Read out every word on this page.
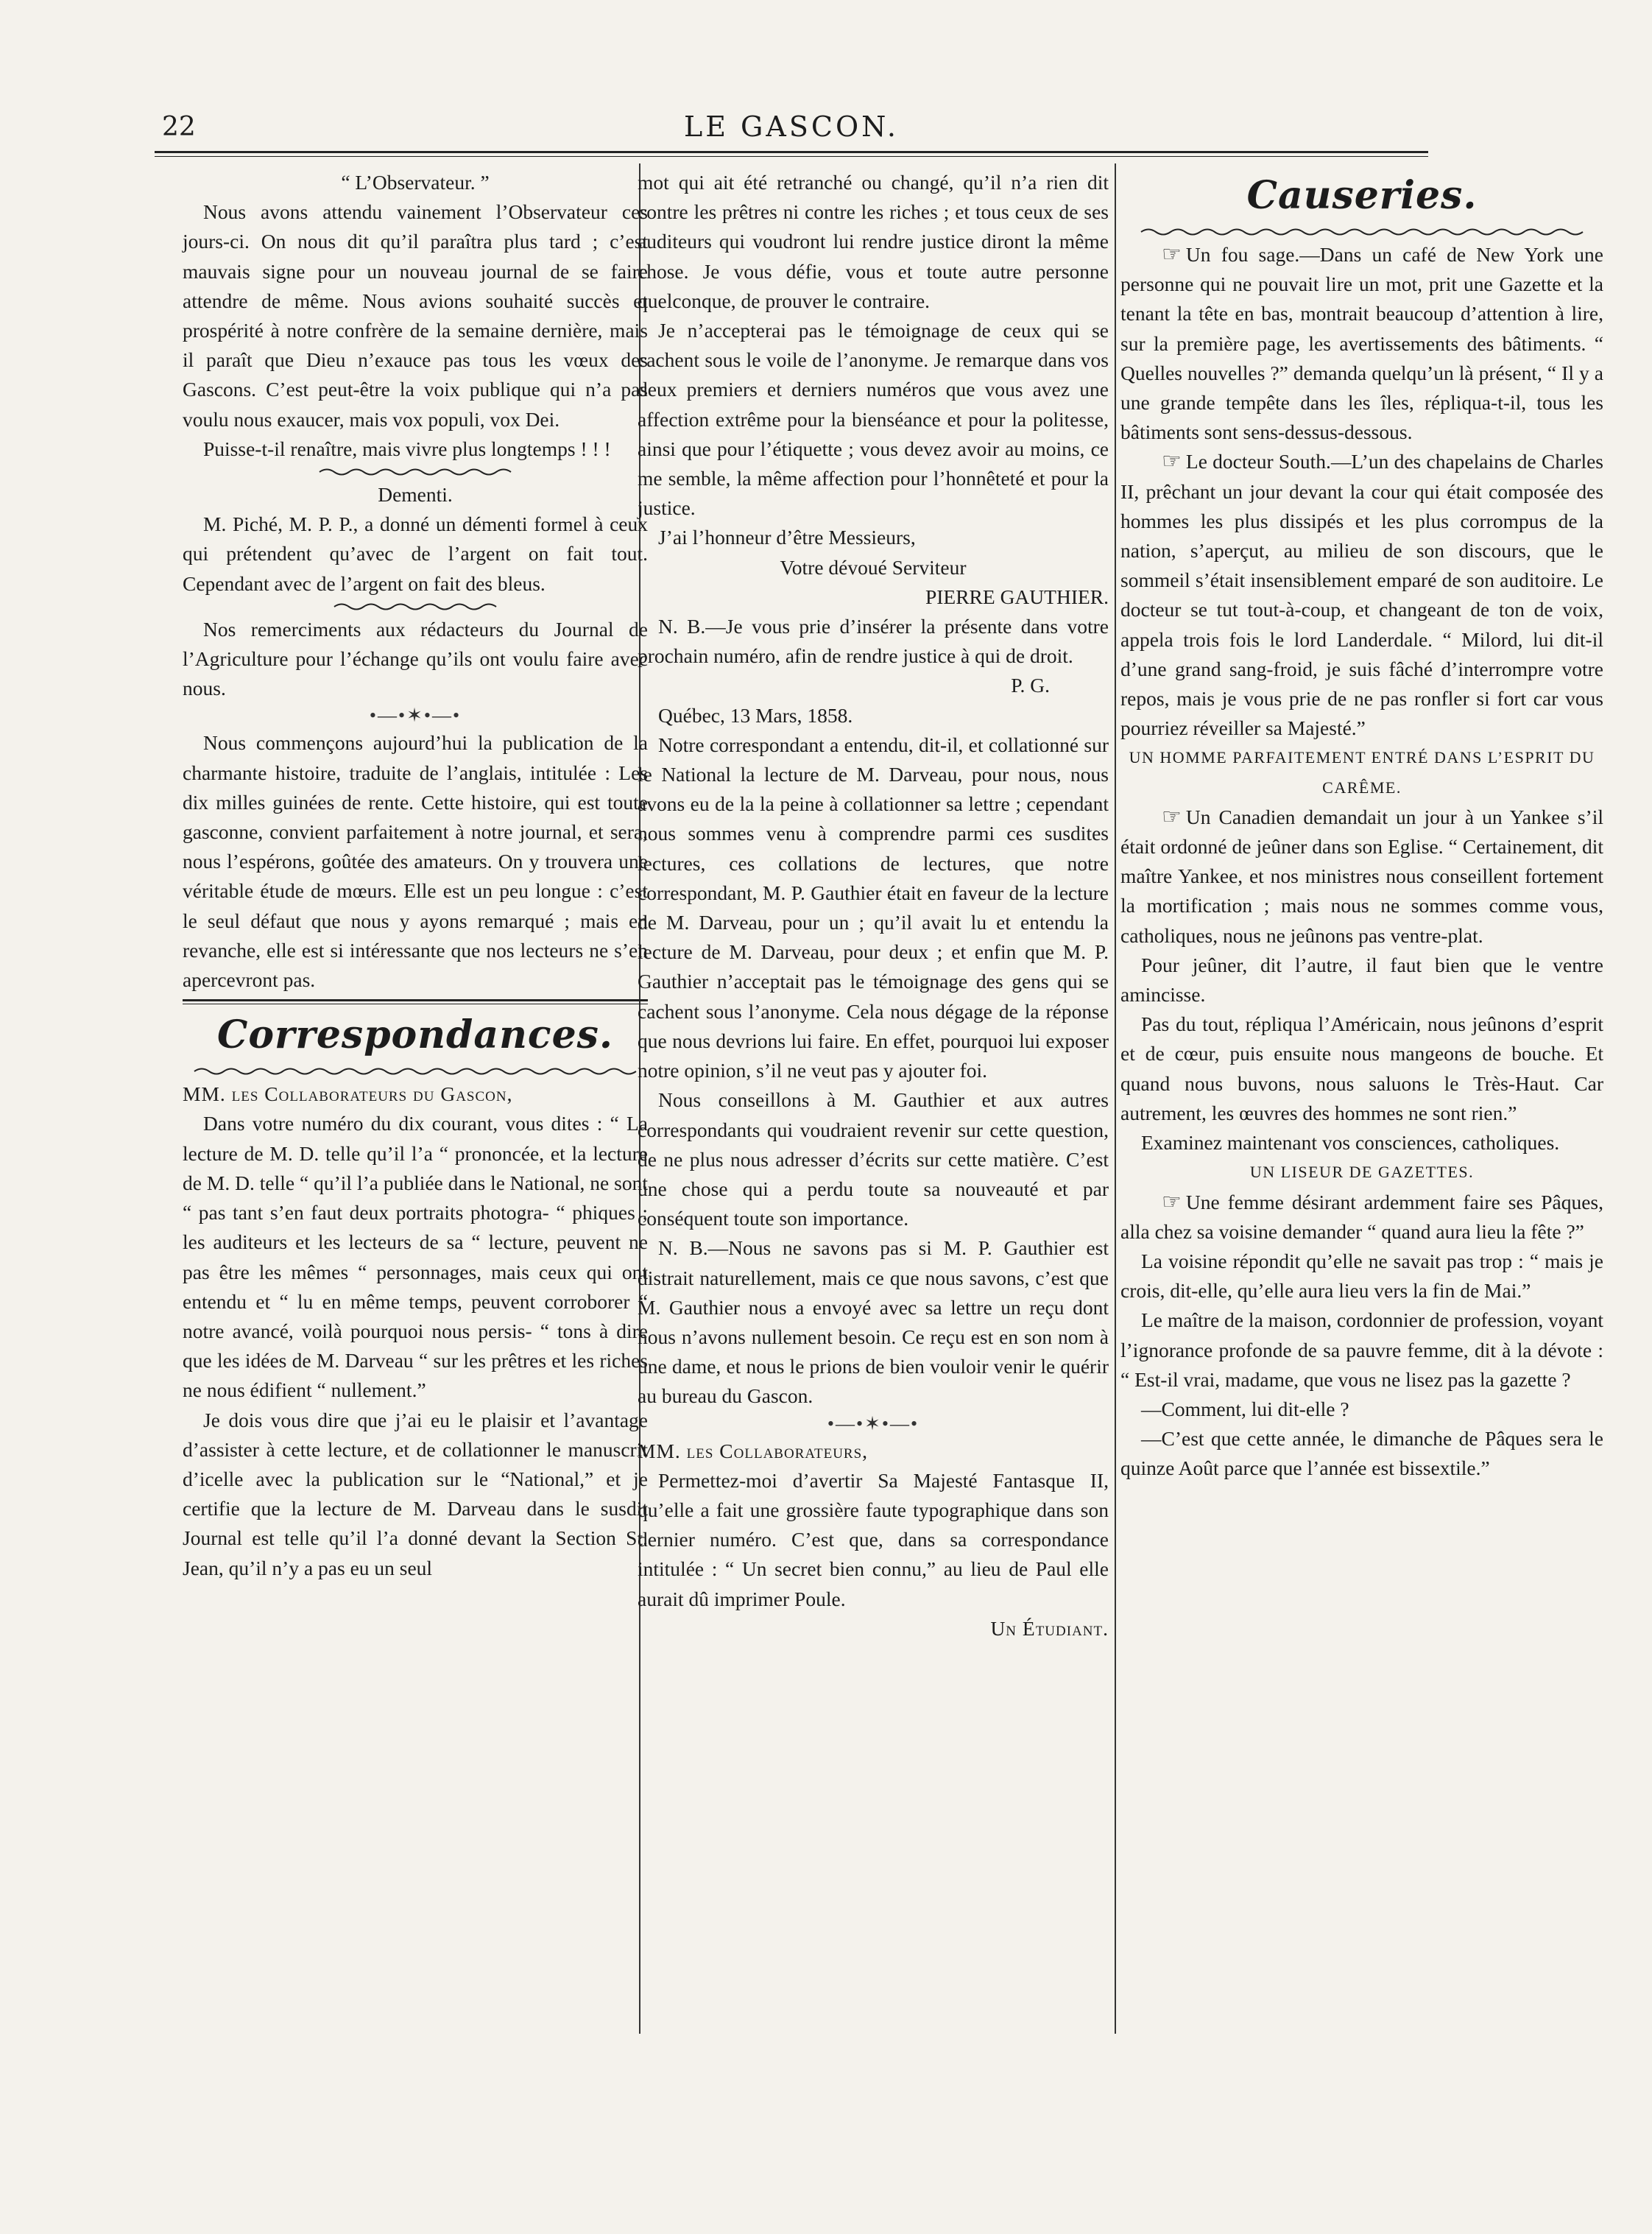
22	LE GASCON.

“ L’Observateur. ”

Nous avons attendu vainement l’Observateur ces jours-ci. On nous dit qu’il paraîtra plus tard ; c’est mauvais signe pour un nouveau journal de se faire attendre de même. Nous avions souhaité succès et prospérité à notre confrère de la semaine dernière, mais il paraît que Dieu n’exauce pas tous les vœux des Gascons. C’est peut-être la voix publique qui n’a pas voulu nous exaucer, mais vox populi, vox Dei.

Puisse-t-il renaître, mais vivre plus longtemps ! ! !

Dementi.

M. Piché, M. P. P., a donné un démenti formel à ceux qui prétendent qu’avec de l’argent on fait tout. Cependant avec de l’argent on fait des bleus.

Nos remerciments aux rédacteurs du Journal de l’Agriculture pour l’échange qu’ils ont voulu faire avec nous.

•—•✶•—•

Nous commençons aujourd’hui la publication de la charmante histoire, traduite de l’anglais, intitulée : Les dix milles guinées de rente. Cette histoire, qui est toute gasconne, convient parfaitement à notre journal, et sera, nous l’espérons, goûtée des amateurs. On y trouvera une véritable étude de mœurs. Elle est un peu longue : c’est le seul défaut que nous y ayons remarqué ; mais en revanche, elle est si intéressante que nos lecteurs ne s’en apercevront pas.

Correspondances.

MM. les Collaborateurs du Gascon,

Dans votre numéro du dix courant, vous dites : “ La lecture de M. D. telle qu’il l’a “ prononcée, et la lecture de M. D. telle “ qu’il l’a publiée dans le National, ne sont “ pas tant s’en faut deux portraits photogra- “ phiques ; les auditeurs et les lecteurs de sa “ lecture, peuvent ne pas être les mêmes “ personnages, mais ceux qui ont entendu et “ lu en même temps, peuvent corroborer “ notre avancé, voilà pourquoi nous persis- “ tons à dire que les idées de M. Darveau “ sur les prêtres et les riches ne nous édifient “ nullement.”

Je dois vous dire que j’ai eu le plaisir et l’avantage d’assister à cette lecture, et de collationner le manuscrit d’icelle avec la publication sur le “National,” et je certifie que la lecture de M. Darveau dans le susdit Journal est telle qu’il l’a donné devant la Section St. Jean, qu’il n’y a pas eu un seul

mot qui ait été retranché ou changé, qu’il n’a rien dit contre les prêtres ni contre les riches ; et tous ceux de ses auditeurs qui voudront lui rendre justice diront la même chose. Je vous défie, vous et toute autre personne quelconque, de prouver le contraire.

Je n’accepterai pas le témoignage de ceux qui se cachent sous le voile de l’anonyme. Je remarque dans vos deux premiers et derniers numéros que vous avez une affection extrême pour la bienséance et pour la politesse, ainsi que pour l’étiquette ; vous devez avoir au moins, ce me semble, la même affection pour l’honnêteté et pour la justice.

J’ai l’honneur d’être Messieurs,

Votre dévoué Serviteur

PIERRE GAUTHIER.

N. B.—Je vous prie d’insérer la présente dans votre prochain numéro, afin de rendre justice à qui de droit.

P. G.

Québec, 13 Mars, 1858.

Notre correspondant a entendu, dit-il, et collationné sur le National la lecture de M. Darveau, pour nous, nous avons eu de la la peine à collationner sa lettre ; cependant nous sommes venu à comprendre parmi ces susdites lectures, ces collations de lectures, que notre correspondant, M. P. Gauthier était en faveur de la lecture de M. Darveau, pour un ; qu’il avait lu et entendu la lecture de M. Darveau, pour deux ; et enfin que M. P. Gauthier n’acceptait pas le témoignage des gens qui se cachent sous l’anonyme. Cela nous dégage de la réponse que nous devrions lui faire. En effet, pourquoi lui exposer notre opinion, s’il ne veut pas y ajouter foi.

Nous conseillons à M. Gauthier et aux autres correspondants qui voudraient revenir sur cette question, de ne plus nous adresser d’écrits sur cette matière. C’est une chose qui a perdu toute sa nouveauté et par conséquent toute son importance.

N. B.—Nous ne savons pas si M. P. Gauthier est distrait naturellement, mais ce que nous savons, c’est que M. Gauthier nous a envoyé avec sa lettre un reçu dont nous n’avons nullement besoin. Ce reçu est en son nom à une dame, et nous le prions de bien vouloir venir le quérir au bureau du Gascon.

•—•✶•—•

MM. les Collaborateurs,

Permettez-moi d’avertir Sa Majesté Fantasque II, qu’elle a fait une grossière faute typographique dans son dernier numéro. C’est que, dans sa correspondance intitulée : “ Un secret bien connu,” au lieu de Paul elle aurait dû imprimer Poule.

Un Étudiant.

Causeries.

☞ Un fou sage.—Dans un café de New York une personne qui ne pouvait lire un mot, prit une Gazette et la tenant la tête en bas, montrait beaucoup d’attention à lire, sur la première page, les avertissements des bâtiments. “ Quelles nouvelles ?” demanda quelqu’un là présent, “ Il y a une grande tempête dans les îles, répliqua-t-il, tous les bâtiments sont sens-dessus-dessous.

☞ Le docteur South.—L’un des chapelains de Charles II, prêchant un jour devant la cour qui était composée des hommes les plus dissipés et les plus corrompus de la nation, s’aperçut, au milieu de son discours, que le sommeil s’était insensiblement emparé de son auditoire. Le docteur se tut tout-à-coup, et changeant de ton de voix, appela trois fois le lord Landerdale. “ Milord, lui dit-il d’une grand sang-froid, je suis fâché d’interrompre votre repos, mais je vous prie de ne pas ronfler si fort car vous pourriez réveiller sa Majesté.”

UN HOMME PARFAITEMENT ENTRÉ DANS L’ESPRIT DU CARÊME.

☞ Un Canadien demandait un jour à un Yankee s’il était ordonné de jeûner dans son Eglise. “ Certainement, dit maître Yankee, et nos ministres nous conseillent fortement la mortification ; mais nous ne sommes comme vous, catholiques, nous ne jeûnons pas ventre-plat.

Pour jeûner, dit l’autre, il faut bien que le ventre amincisse.

Pas du tout, répliqua l’Américain, nous jeûnons d’esprit et de cœur, puis ensuite nous mangeons de bouche. Et quand nous buvons, nous saluons le Très-Haut. Car autrement, les œuvres des hommes ne sont rien.”

Examinez maintenant vos consciences, catholiques.

UN LISEUR DE GAZETTES.

☞ Une femme désirant ardemment faire ses Pâques, alla chez sa voisine demander “ quand aura lieu la fête ?”

La voisine répondit qu’elle ne savait pas trop : “ mais je crois, dit-elle, qu’elle aura lieu vers la fin de Mai.”

Le maître de la maison, cordonnier de profession, voyant l’ignorance profonde de sa pauvre femme, dit à la dévote : “ Est-il vrai, madame, que vous ne lisez pas la gazette ?

—Comment, lui dit-elle ?

—C’est que cette année, le dimanche de Pâques sera le quinze Août parce que l’année est bissextile.”
